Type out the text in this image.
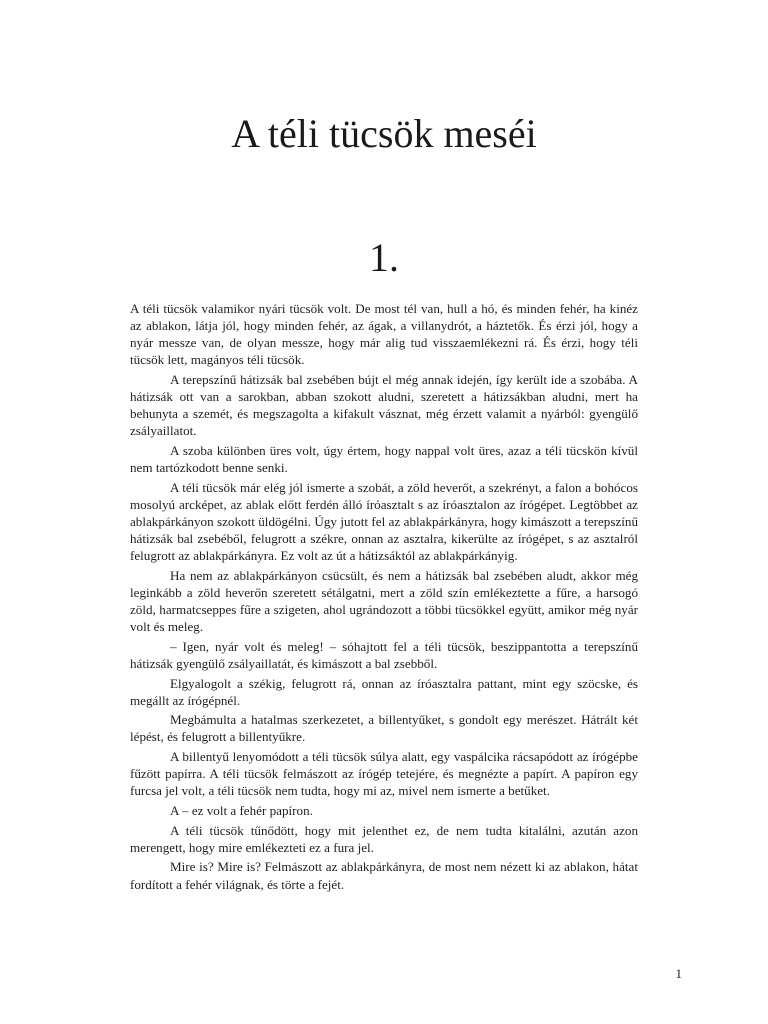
A téli tücsök meséi
1.

A téli tücsök valamikor nyári tücsök volt. De most tél van, hull a hó, és minden fehér, ha kinéz az ablakon, látja jól, hogy minden fehér, az ágak, a villanydrót, a háztetők. És érzi jól, hogy a nyár messze van, de olyan messze, hogy már alig tud visszaemlékezni rá. És érzi, hogy téli tücsök lett, magányos téli tücsök.

A terepszínű hátizsák bal zsebében bújt el még annak idején, így került ide a szobába. A hátizsák ott van a sarokban, abban szokott aludni, szeretett a hátizsákban aludni, mert ha behunyta a szemét, és megszagolta a kifakult vásznat, még érzett valamit a nyárból: gyengülő zsályaillatot.

A szoba különben üres volt, úgy értem, hogy nappal volt üres, azaz a téli tücskön kívül nem tartózkodott benne senki.

A téli tücsök már elég jól ismerte a szobát, a zöld heverőt, a szekrényt, a falon a bohócos mosolyú arcképet, az ablak előtt ferdén álló íróasztalt s az íróasztalon az írógépet. Legtöbbet az ablakpárkányon szokott üldögélni. Úgy jutott fel az ablakpárkányra, hogy kimászott a terepszínű hátizsák bal zsebéből, felugrott a székre, onnan az asztalra, kikerülte az írógépet, s az asztalról felugrott az ablakpárkányra. Ez volt az út a hátizsáktól az ablakpárkányig.

Ha nem az ablakpárkányon csücsült, és nem a hátizsák bal zsebében aludt, akkor még leginkább a zöld heverőn szeretett sétálgatni, mert a zöld szín emlékeztette a fűre, a harsogó zöld, harmatcseppes fűre a szigeten, ahol ugrándozott a többi tücsökkel együtt, amikor még nyár volt és meleg.

– Igen, nyár volt és meleg! – sóhajtott fel a téli tücsök, beszippantotta a terepszínű hátizsák gyengülő zsályaillatát, és kimászott a bal zsebből.

Elgyalogolt a székig, felugrott rá, onnan az íróasztalra pattant, mint egy szöcske, és megállt az írógépnél.

Megbámulta a hatalmas szerkezetet, a billentyűket, s gondolt egy merészet. Hátrált két lépést, és felugrott a billentyűkre.

A billentyű lenyomódott a téli tücsök súlya alatt, egy vaspálcika rácsapódott az írógépbe fűzött papírra. A téli tücsök felmászott az írógép tetejére, és megnézte a papírt. A papíron egy furcsa jel volt, a téli tücsök nem tudta, hogy mi az, mivel nem ismerte a betűket.

A – ez volt a fehér papíron.

A téli tücsök tűnődött, hogy mit jelenthet ez, de nem tudta kitalálni, azután azon merengett, hogy mire emlékezteti ez a fura jel.

Mire is? Mire is? Felmászott az ablakpárkányra, de most nem nézett ki az ablakon, hátat fordított a fehér világnak, és törte a fejét.

1
